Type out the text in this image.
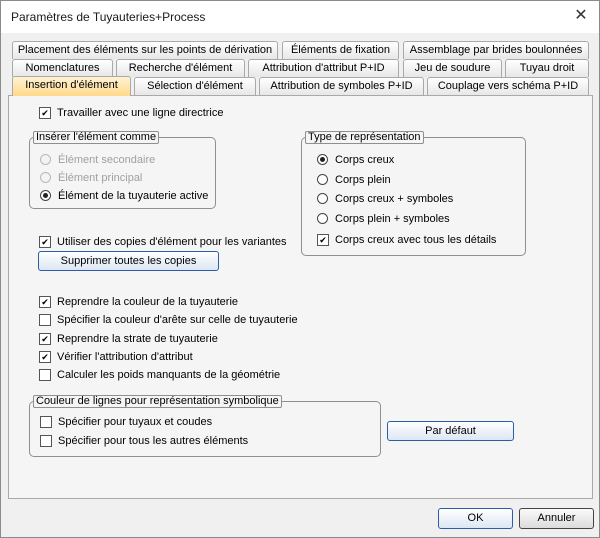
Paramètres de Tuyauteries+Process	✕
Placement des éléments sur les points de dérivation	Éléments de fixation	Assemblage par brides boulonnées
Nomenclatures	Recherche d'élément	Attribution d'attribut P+ID	Jeu de soudure	Tuyau droit
Insertion d'élément	Sélection d'élément	Attribution de symboles P+ID	Couplage vers schéma P+ID
✔
Travailler avec une ligne directrice
Insérer l'élément comme
Élément secondaire
Élément principal
Élément de la tuyauterie active
Type de représentation
Corps creux
Corps plein
Corps creux + symboles
Corps plein + symboles
✔
Corps creux avec tous les détails
✔
Utiliser des copies d'élément pour les variantes
Supprimer toutes les copies
✔
Reprendre la couleur de la tuyauterie
Spécifier la couleur d'arête sur celle de tuyauterie
✔
Reprendre la strate de tuyauterie
✔
Vérifier l'attribution d'attribut
Calculer les poids manquants de la géométrie
Couleur de lignes pour représentation symbolique
Spécifier pour tuyaux et coudes
Spécifier pour tous les autres éléments
Par défaut
OK	Annuler
